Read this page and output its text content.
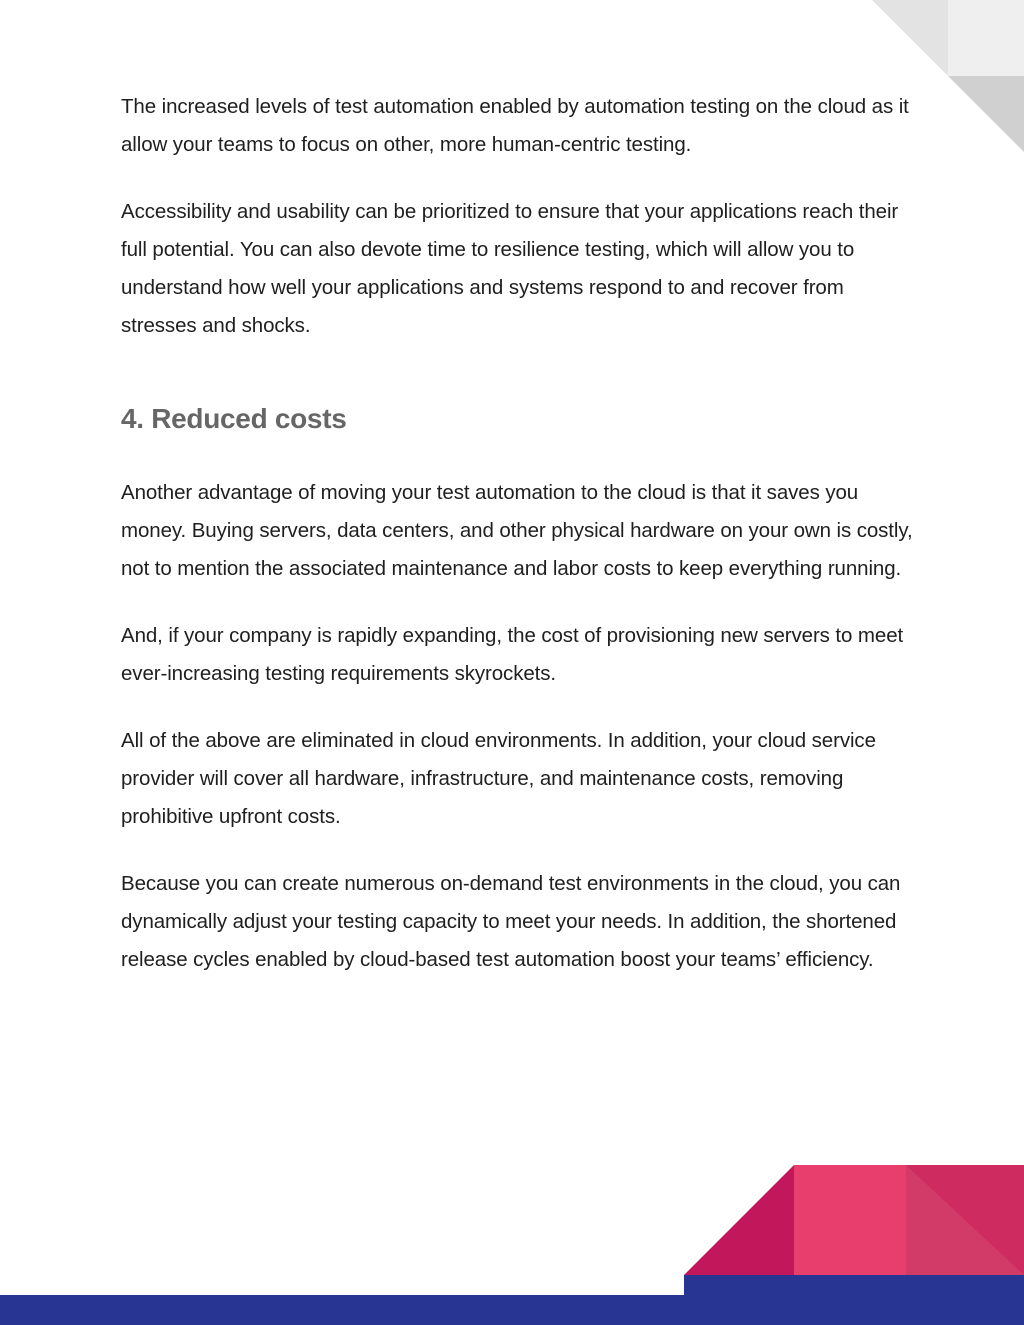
The increased levels of test automation enabled by automation testing on the cloud as it allow your teams to focus on other, more human-centric testing.

Accessibility and usability can be prioritized to ensure that your applications reach their full potential. You can also devote time to resilience testing, which will allow you to understand how well your applications and systems respond to and recover from stresses and shocks.

4. Reduced costs

Another advantage of moving your test automation to the cloud is that it saves you money. Buying servers, data centers, and other physical hardware on your own is costly, not to mention the associated maintenance and labor costs to keep everything running.

And, if your company is rapidly expanding, the cost of provisioning new servers to meet ever-increasing testing requirements skyrockets.

All of the above are eliminated in cloud environments. In addition, your cloud service provider will cover all hardware, infrastructure, and maintenance costs, removing prohibitive upfront costs.

Because you can create numerous on-demand test environments in the cloud, you can dynamically adjust your testing capacity to meet your needs. In addition, the shortened release cycles enabled by cloud-based test automation boost your teams’ efficiency.
